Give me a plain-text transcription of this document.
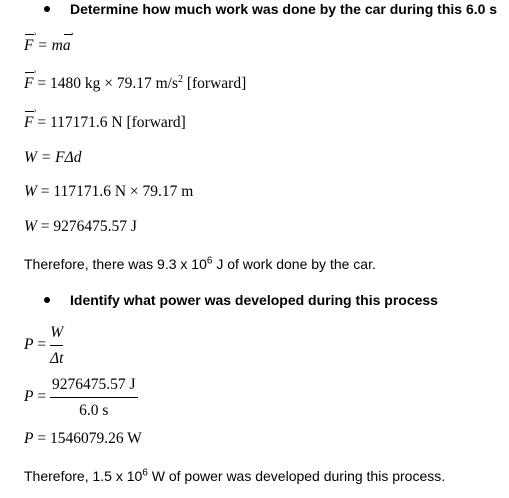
Determine how much work was done by the car during this 6.0 s
F
›
= ma
›
F
›
= 1480 kg × 79.17 $m/s^2$ [forward]
F
›
= 117171.6 N [forward]
W = FΔd
W = 117171.6 N × 79.17 m
W = 9276475.57 J
Therefore, there was 9.3 x $10^6$ J of work done by the car.
Identify what power was developed during this process
P =
W
Δt
P =
9276475.57 J
6.0 s
P = 1546079.26 W
Therefore, 1.5 x $10^6$ W of power was developed during this process.
